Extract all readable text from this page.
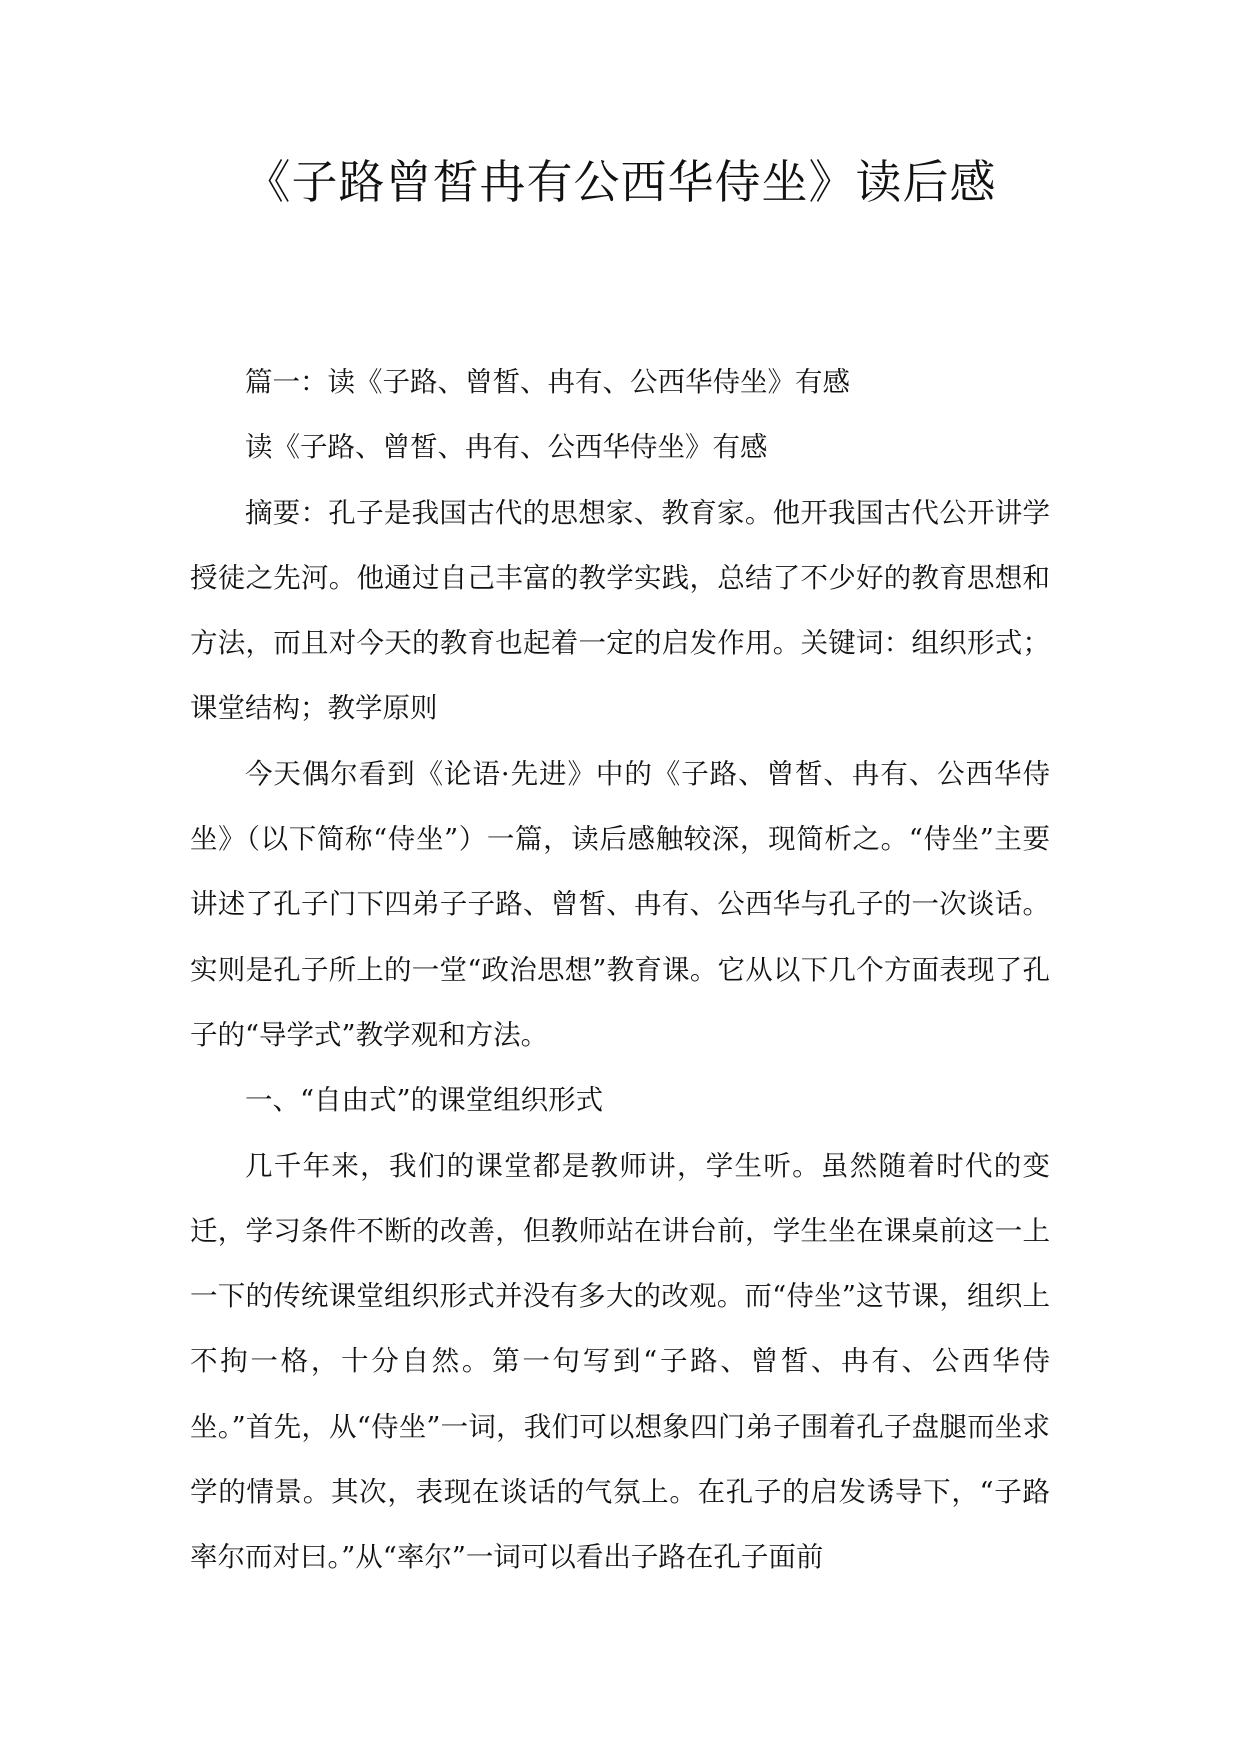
《子路曾皙冉有公西华侍坐》读后感

篇一：读《子路、曾皙、冉有、公西华侍坐》有感

读《子路、曾皙、冉有、公西华侍坐》有感

摘要：孔子是我国古代的思想家、教育家。他开我国古代公开讲学授徒之先河。他通过自己丰富的教学实践，总结了不少好的教育思想和方法，而且对今天的教育也起着一定的启发作用。关键词：组织形式；课堂结构；教学原则

今天偶尔看到《论语·先进》中的《子路、曾皙、冉有、公西华侍坐》（以下简称“侍坐”）一篇，读后感触较深，现简析之。“侍坐”主要讲述了孔子门下四弟子子路、曾皙、冉有、公西华与孔子的一次谈话。实则是孔子所上的一堂“政治思想”教育课。它从以下几个方面表现了孔子的“导学式”教学观和方法。

一、“自由式”的课堂组织形式

几千年来，我们的课堂都是教师讲，学生听。虽然随着时代的变迁，学习条件不断的改善，但教师站在讲台前，学生坐在课桌前这一上一下的传统课堂组织形式并没有多大的改观。而“侍坐”这节课，组织上不拘一格，十分自然。第一句写到“子路、曾皙、冉有、公西华侍坐。”首先，从“侍坐”一词，我们可以想象四门弟子围着孔子盘腿而坐求学的情景。其次，表现在谈话的气氛上。在孔子的启发诱导下，“子路率尔而对曰。”从“率尔”一词可以看出子路在孔子面前
